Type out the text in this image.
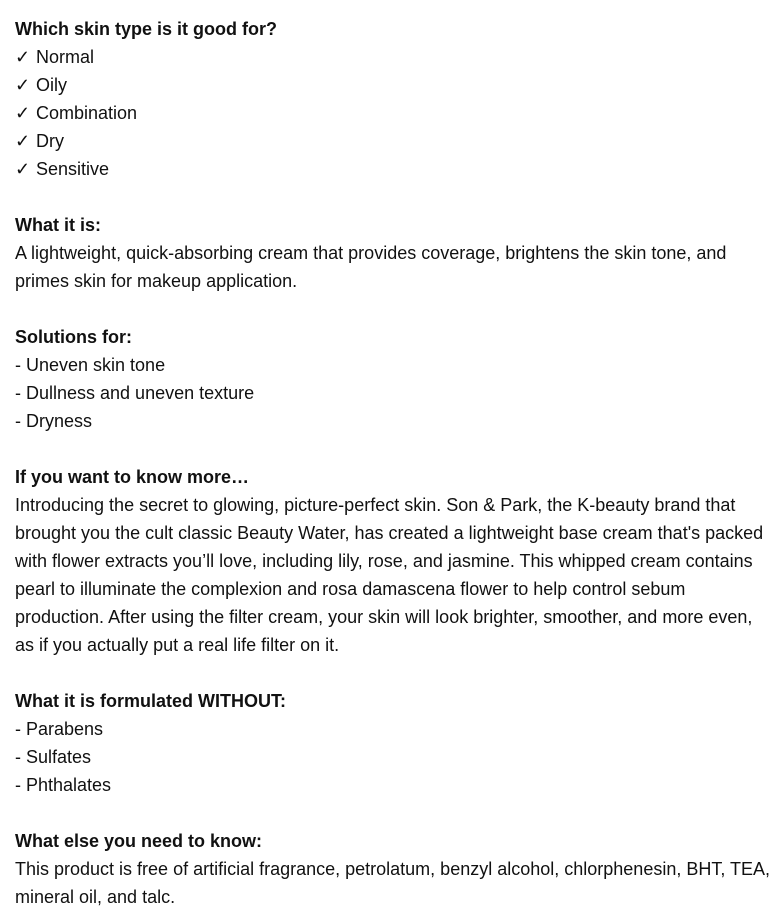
Which skin type is it good for?
✓ Normal
✓ Oily
✓ Combination
✓ Dry
✓ Sensitive
What it is:
A lightweight, quick-absorbing cream that provides coverage, brightens the skin tone, and primes skin for makeup application.
Solutions for:
- Uneven skin tone
- Dullness and uneven texture
- Dryness
If you want to know more…
Introducing the secret to glowing, picture-perfect skin. Son & Park, the K-beauty brand that brought you the cult classic Beauty Water, has created a lightweight base cream that's packed with flower extracts you’ll love, including lily, rose, and jasmine. This whipped cream contains pearl to illuminate the complexion and rosa damascena flower to help control sebum production. After using the filter cream, your skin will look brighter, smoother, and more even, as if you actually put a real life filter on it.
What it is formulated WITHOUT:
- Parabens
- Sulfates
- Phthalates
What else you need to know:
This product is free of artificial fragrance, petrolatum, benzyl alcohol, chlorphenesin, BHT, TEA, mineral oil, and talc.
